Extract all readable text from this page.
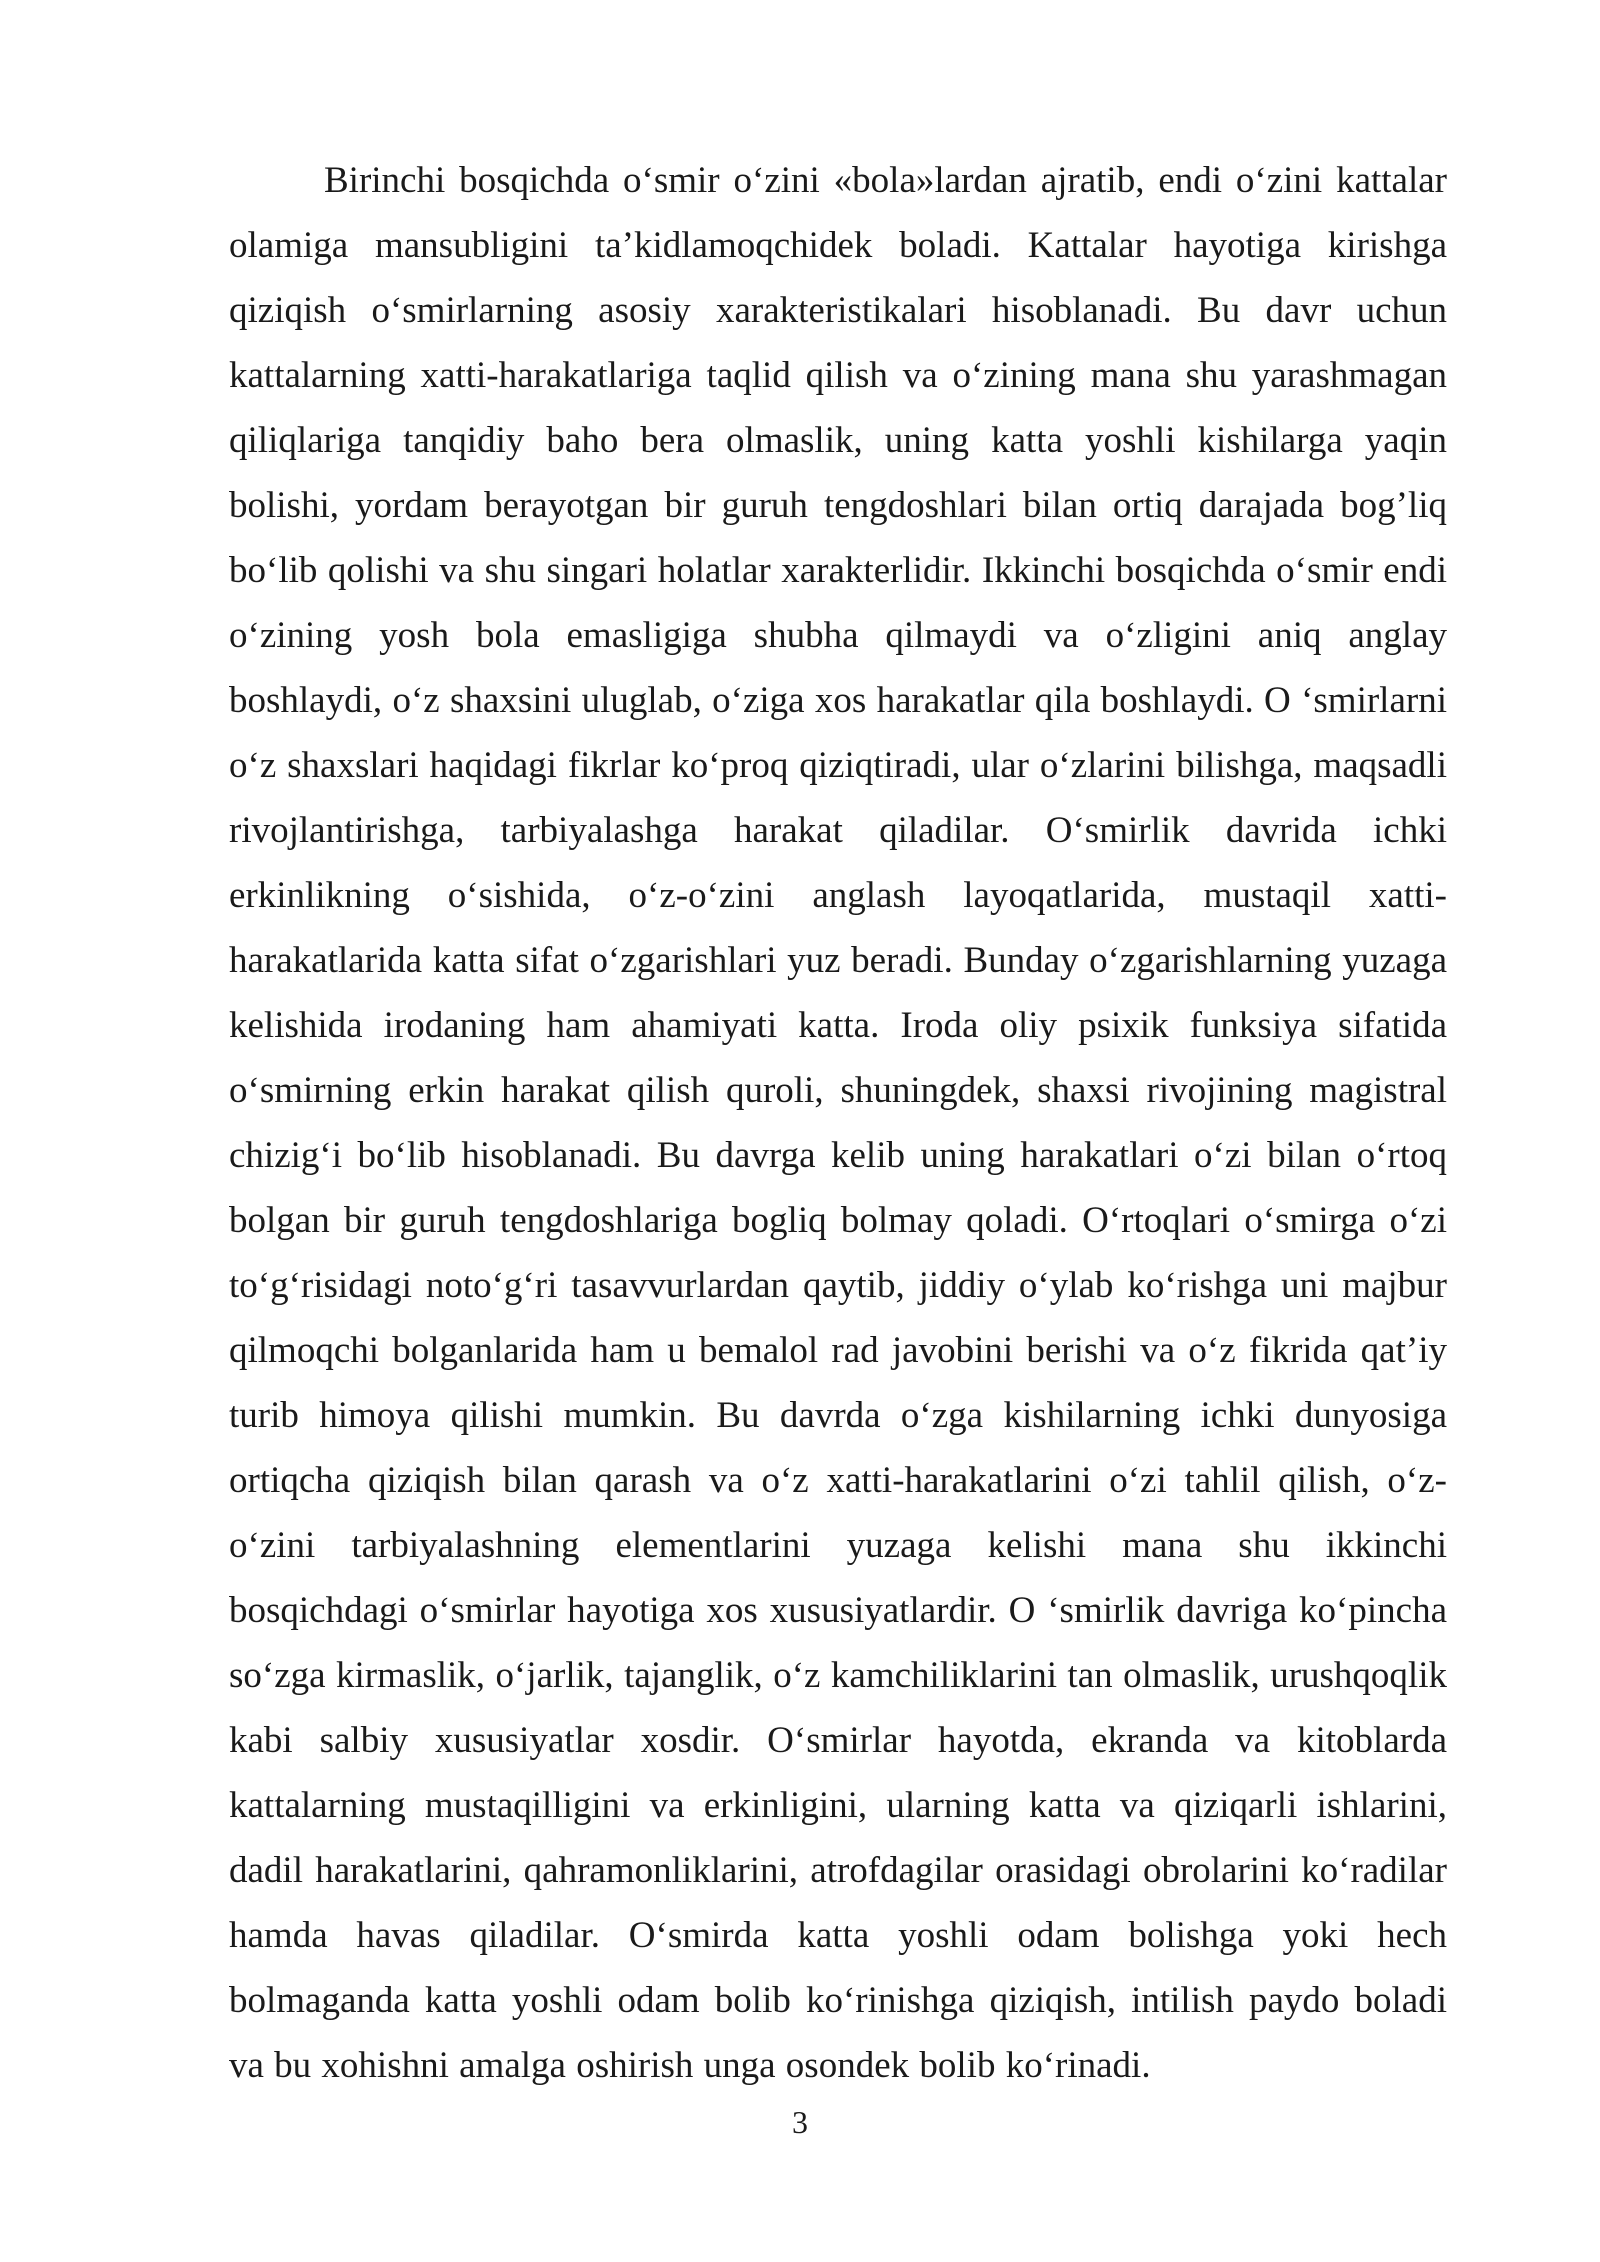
Birinchi bosqichda o‘smir o‘zini «bola»lardan ajratib, endi o‘zini kattalar olamiga mansubligini ta’kidlamoqchidek boladi. Kattalar hayotiga kirishga qiziqish o‘smirlarning asosiy xarakteristikalari hisoblanadi. Bu davr uchun kattalarning xatti-harakatlariga taqlid qilish va o‘zining mana shu yarashmagan qiliqlariga tanqidiy baho bera olmaslik, uning katta yoshli kishilarga yaqin bolishi, yordam berayotgan bir guruh tengdoshlari bilan ortiq darajada bog’liq bo‘lib qolishi va shu singari holatlar xarakterlidir. Ikkinchi bosqichda o‘smir endi o‘zining yosh bola emasligiga shubha qilmaydi va o‘zligini aniq anglay boshlaydi, o‘z shaxsini uluglab, o‘ziga xos harakatlar qila boshlaydi. O ‘smirlarni o‘z shaxslari haqidagi fikrlar ko‘proq qiziqtiradi, ular o‘zlarini bilishga, maqsadli rivojlantirishga, tarbiyalashga harakat qiladilar. O‘smirlik davrida ichki erkinlikning o‘sishida, o‘z-o‘zini anglash layoqatlarida, mustaqil xatti-harakatlarida katta sifat o‘zgarishlari yuz beradi. Bunday o‘zgarishlarning yuzaga kelishida irodaning ham ahamiyati katta. Iroda oliy psixik funksiya sifatida o‘smirning erkin harakat qilish quroli, shuningdek, shaxsi rivojining magistral chizig‘i bo‘lib hisoblanadi. Bu davrga kelib uning harakatlari o‘zi bilan o‘rtoq bolgan bir guruh tengdoshlariga bogliq bolmay qoladi. O‘rtoqlari o‘smirga o‘zi to‘g‘risidagi noto‘g‘ri tasavvurlardan qaytib, jiddiy o‘ylab ko‘rishga uni majbur qilmoqchi bolganlarida ham u bemalol rad javobini berishi va o‘z fikrida qat’iy turib himoya qilishi mumkin. Bu davrda o‘zga kishilarning ichki dunyosiga ortiqcha qiziqish bilan qarash va o‘z xatti-harakatlarini o‘zi tahlil qilish, o‘z-o‘zini tarbiyalashning elementlarini yuzaga kelishi mana shu ikkinchi bosqichdagi o‘smirlar hayotiga xos xususiyatlardir. O ‘smirlik davriga ko‘pincha so‘zga kirmaslik, o‘jarlik, tajanglik, o‘z kamchiliklarini tan olmaslik, urushqoqlik kabi salbiy xususiyatlar xosdir. O‘smirlar hayotda, ekranda va kitoblarda kattalarning mustaqilligini va erkinligini, ularning katta va qiziqarli ishlarini, dadil harakatlarini, qahramonliklarini, atrofdagilar orasidagi obrolarini ko‘radilar hamda havas qiladilar. O‘smirda katta yoshli odam bolishga yoki hech bolmaganda katta yoshli odam bolib ko‘rinishga qiziqish, intilish paydo boladi va bu xohishni amalga oshirish unga osondek bolib ko‘rinadi.

3
